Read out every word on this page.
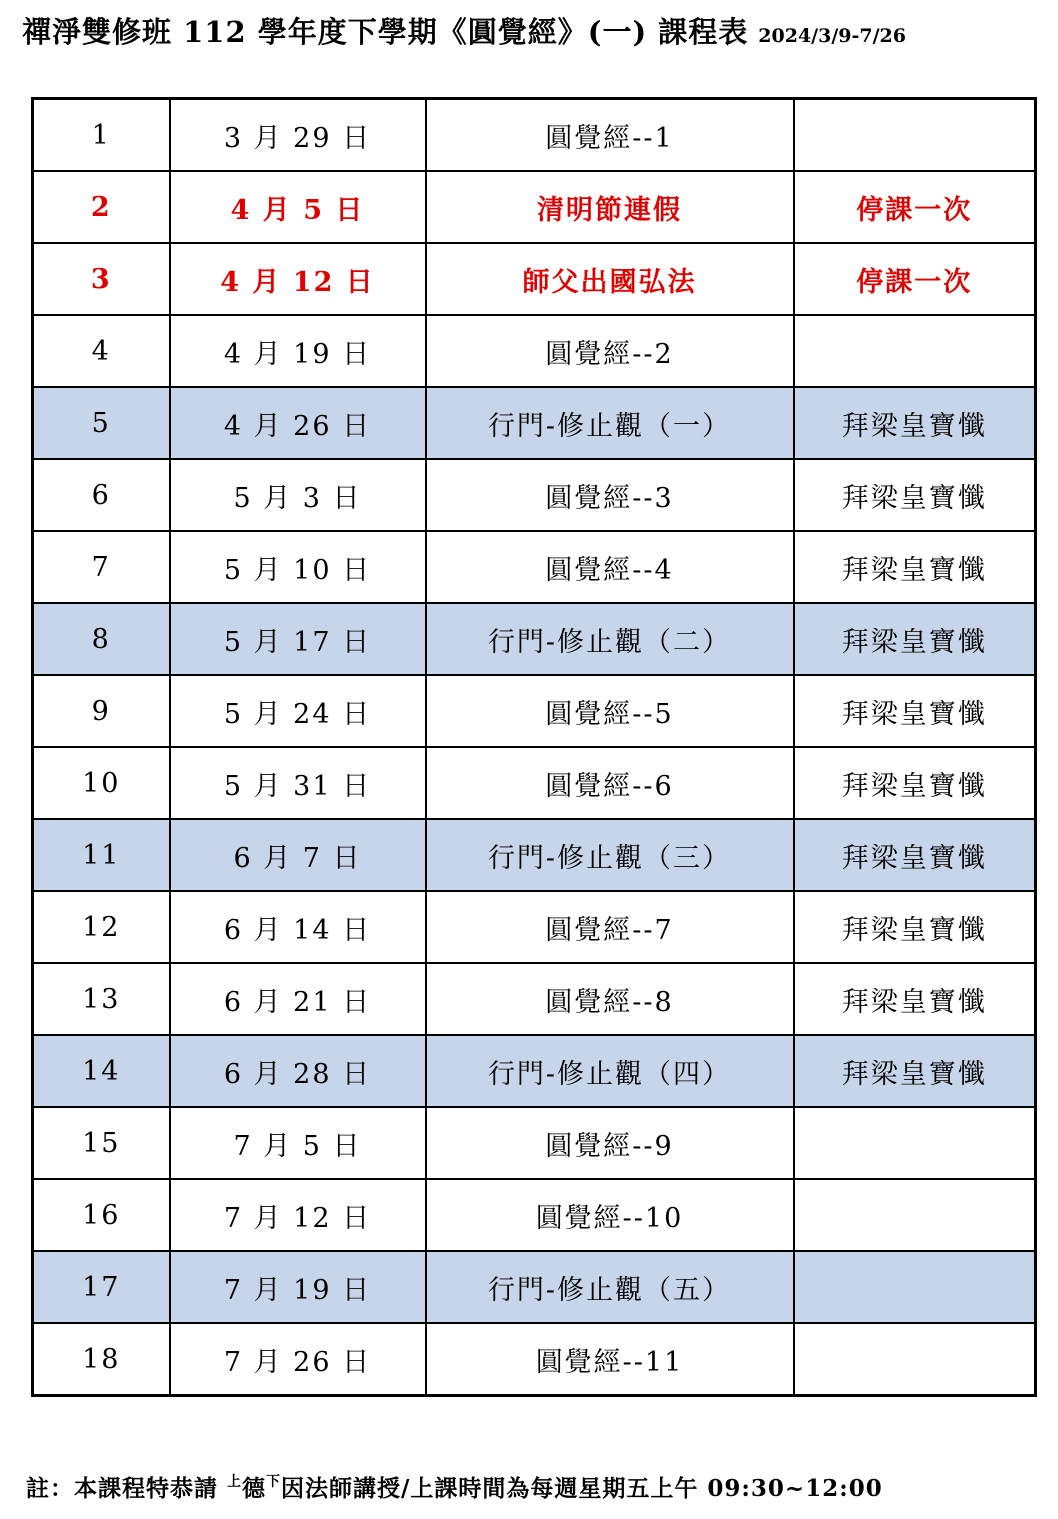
禪淨雙修班 112 學年度下學期《圓覺經》(一) 課程表 2024/3/9-7/26
1	3 月 29 日	圓覺經--1	
2	4 月 5 日	清明節連假	停課一次
3	4 月 12 日	師父出國弘法	停課一次
4	4 月 19 日	圓覺經--2	
5	4 月 26 日	行門-修止觀（一）	拜梁皇寶懺
6	5 月 3 日	圓覺經--3	拜梁皇寶懺
7	5 月 10 日	圓覺經--4	拜梁皇寶懺
8	5 月 17 日	行門-修止觀（二）	拜梁皇寶懺
9	5 月 24 日	圓覺經--5	拜梁皇寶懺
10	5 月 31 日	圓覺經--6	拜梁皇寶懺
11	6 月 7 日	行門-修止觀（三）	拜梁皇寶懺
12	6 月 14 日	圓覺經--7	拜梁皇寶懺
13	6 月 21 日	圓覺經--8	拜梁皇寶懺
14	6 月 28 日	行門-修止觀（四）	拜梁皇寶懺
15	7 月 5 日	圓覺經--9	
16	7 月 12 日	圓覺經--10	
17	7 月 19 日	行門-修止觀（五）	
18	7 月 26 日	圓覺經--11	
註：本課程特恭請 $^上$德$^下$因法師講授/上課時間為每週星期五上午 09:30~12:00
